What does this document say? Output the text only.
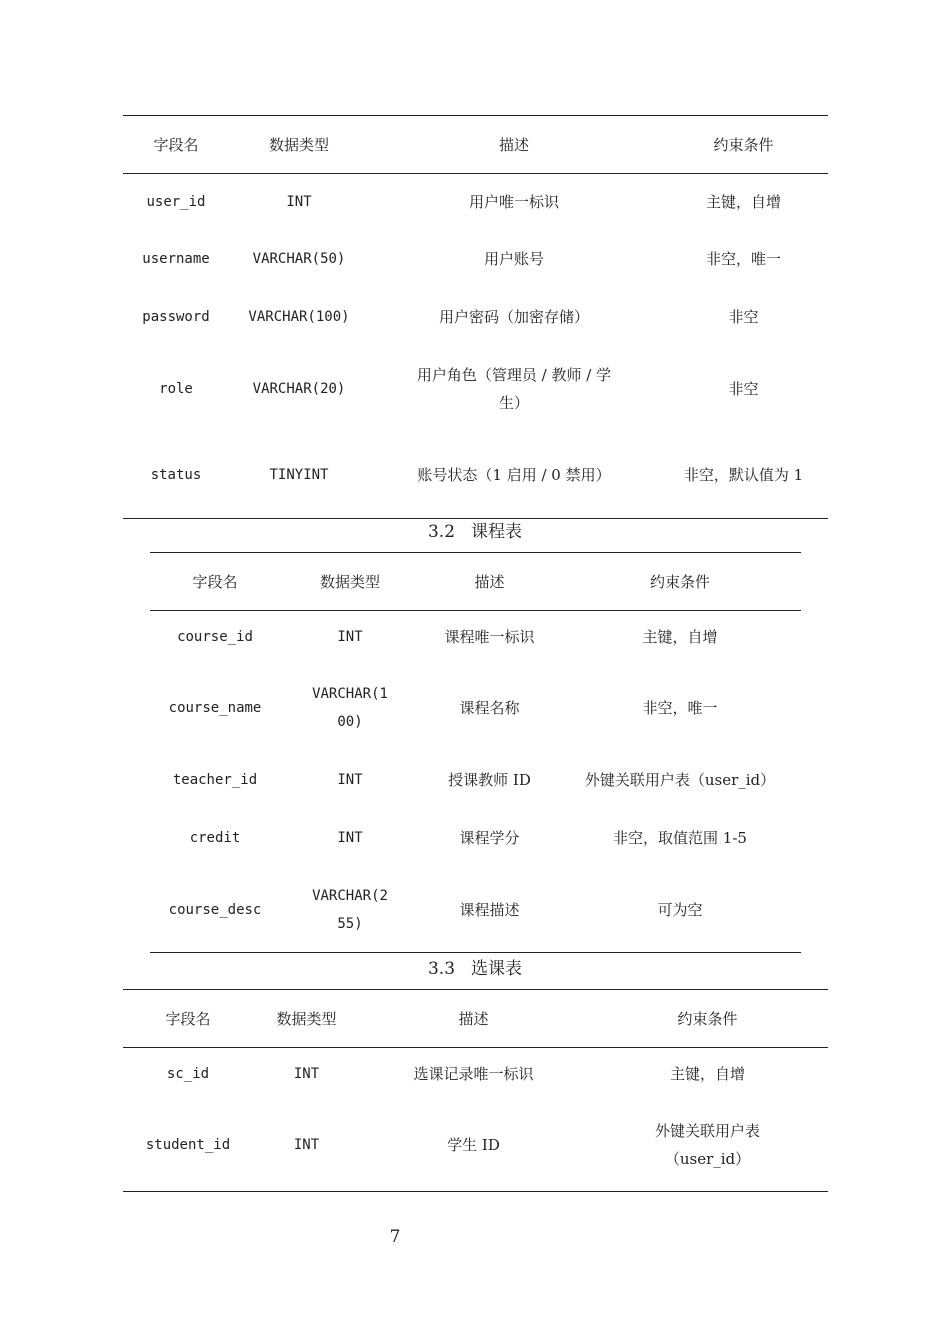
字段名	数据类型	描述	约束条件
user_id	INT	用户唯一标识	主键，自增
username	VARCHAR(50)	用户账号	非空，唯一
password	VARCHAR(100)	用户密码（加密存储）	非空
role	VARCHAR(20)	用户角色（管理员 / 教师 / 学生）	非空
status	TINYINT	账号状态（1 启用 / 0 禁用）	非空，默认值为 1
3.2 课程表
字段名	数据类型	描述	约束条件
course_id	INT	课程唯一标识	主键，自增
course_name	VARCHAR(100)	课程名称	非空，唯一
teacher_id	INT	授课教师 ID	外键关联用户表（user_id）
credit	INT	课程学分	非空，取值范围 1-5
course_desc	VARCHAR(255)	课程描述	可为空
3.3 选课表
字段名	数据类型	描述	约束条件
sc_id	INT	选课记录唯一标识	主键，自增
student_id	INT	学生 ID	外键关联用户表（user_id）
7
